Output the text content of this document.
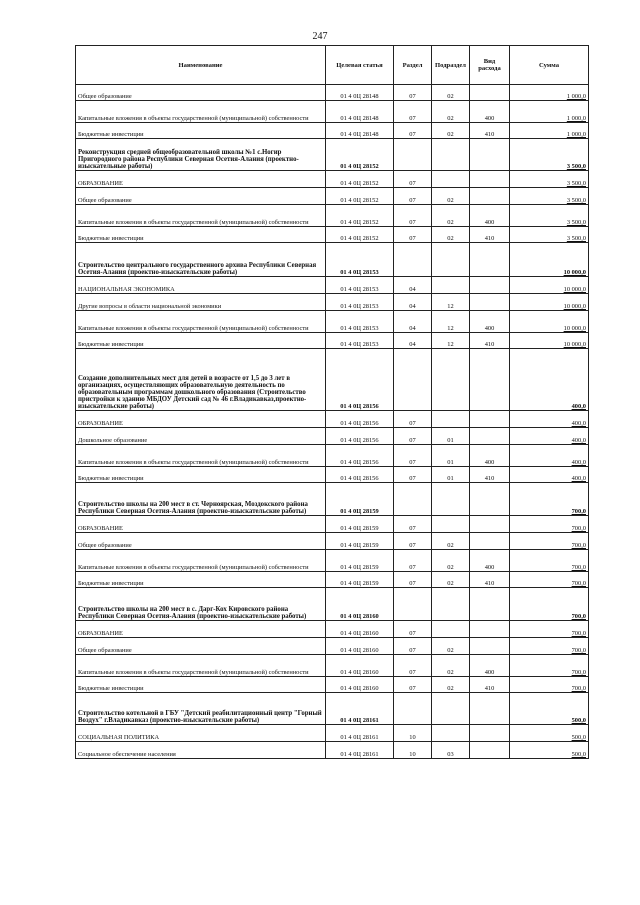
247
Наименование	Целевая статья	Раздел	Подраздел	Вид расхода	Сумма
Общее образование	01 4 0Ц 28148	07	02		1 000,0
Капитальные вложения в объекты государственной (муниципальной) собственности	01 4 0Ц 28148	07	02	400	1 000,0
Бюджетные инвестиции	01 4 0Ц 28148	07	02	410	1 000,0
Реконструкция средней общеобразовательной школы №1 с.Ногир Пригородного района Республики Северная Осетия-Алания (проектно-изыскательные работы)	01 4 0Ц 28152				3 500,0
ОБРАЗОВАНИЕ	01 4 0Ц 28152	07			3 500,0
Общее образование	01 4 0Ц 28152	07	02		3 500,0
Капитальные вложения в объекты государственной (муниципальной) собственности	01 4 0Ц 28152	07	02	400	3 500,0
Бюджетные инвестиции	01 4 0Ц 28152	07	02	410	3 500,0
Строительство центрального государственного архива Республики Северная Осетия-Алания (проектно-изыскательские работы)	01 4 0Ц 28153				10 000,0
НАЦИОНАЛЬНАЯ ЭКОНОМИКА	01 4 0Ц 28153	04			10 000,0
Другие вопросы в области национальной экономики	01 4 0Ц 28153	04	12		10 000,0
Капитальные вложения в объекты государственной (муниципальной) собственности	01 4 0Ц 28153	04	12	400	10 000,0
Бюджетные инвестиции	01 4 0Ц 28153	04	12	410	10 000,0
Создание дополнительных мест для детей в возрасте от 1,5 до 3 лет в организациях, осуществляющих образовательную деятельность по образовательным программам дошкольного образования (Строительство пристройки к зданию МБДОУ Детский сад № 46 г.Владикавказ,проектно-изыскательские работы)	01 4 0Ц 28156				400,0
ОБРАЗОВАНИЕ	01 4 0Ц 28156	07			400,0
Дошкольное образование	01 4 0Ц 28156	07	01		400,0
Капитальные вложения в объекты государственной (муниципальной) собственности	01 4 0Ц 28156	07	01	400	400,0
Бюджетные инвестиции	01 4 0Ц 28156	07	01	410	400,0
Строительство школы на 200 мест в ст. Черноярская, Моздокского района Республики Северная Осетия-Алания (проектно-изыскательские работы)	01 4 0Ц 28159				700,0
ОБРАЗОВАНИЕ	01 4 0Ц 28159	07			700,0
Общее образование	01 4 0Ц 28159	07	02		700,0
Капитальные вложения в объекты государственной (муниципальной) собственности	01 4 0Ц 28159	07	02	400	700,0
Бюджетные инвестиции	01 4 0Ц 28159	07	02	410	700,0
Строительство школы на 200 мест в с. Дарг-Кох Кировского района Республики Северная Осетия-Алания (проектно-изыскательские работы)	01 4 0Ц 28160				700,0
ОБРАЗОВАНИЕ	01 4 0Ц 28160	07			700,0
Общее образование	01 4 0Ц 28160	07	02		700,0
Капитальные вложения в объекты государственной (муниципальной) собственности	01 4 0Ц 28160	07	02	400	700,0
Бюджетные инвестиции	01 4 0Ц 28160	07	02	410	700,0
Строительство котельной в ГБУ "Детский реабилитационный центр "Горный Воздух" г.Владикавказ (проектно-изыскательские работы)	01 4 0Ц 28161				500,0
СОЦИАЛЬНАЯ ПОЛИТИКА	01 4 0Ц 28161	10			500,0
Социальное обеспечение населения	01 4 0Ц 28161	10	03		500,0
